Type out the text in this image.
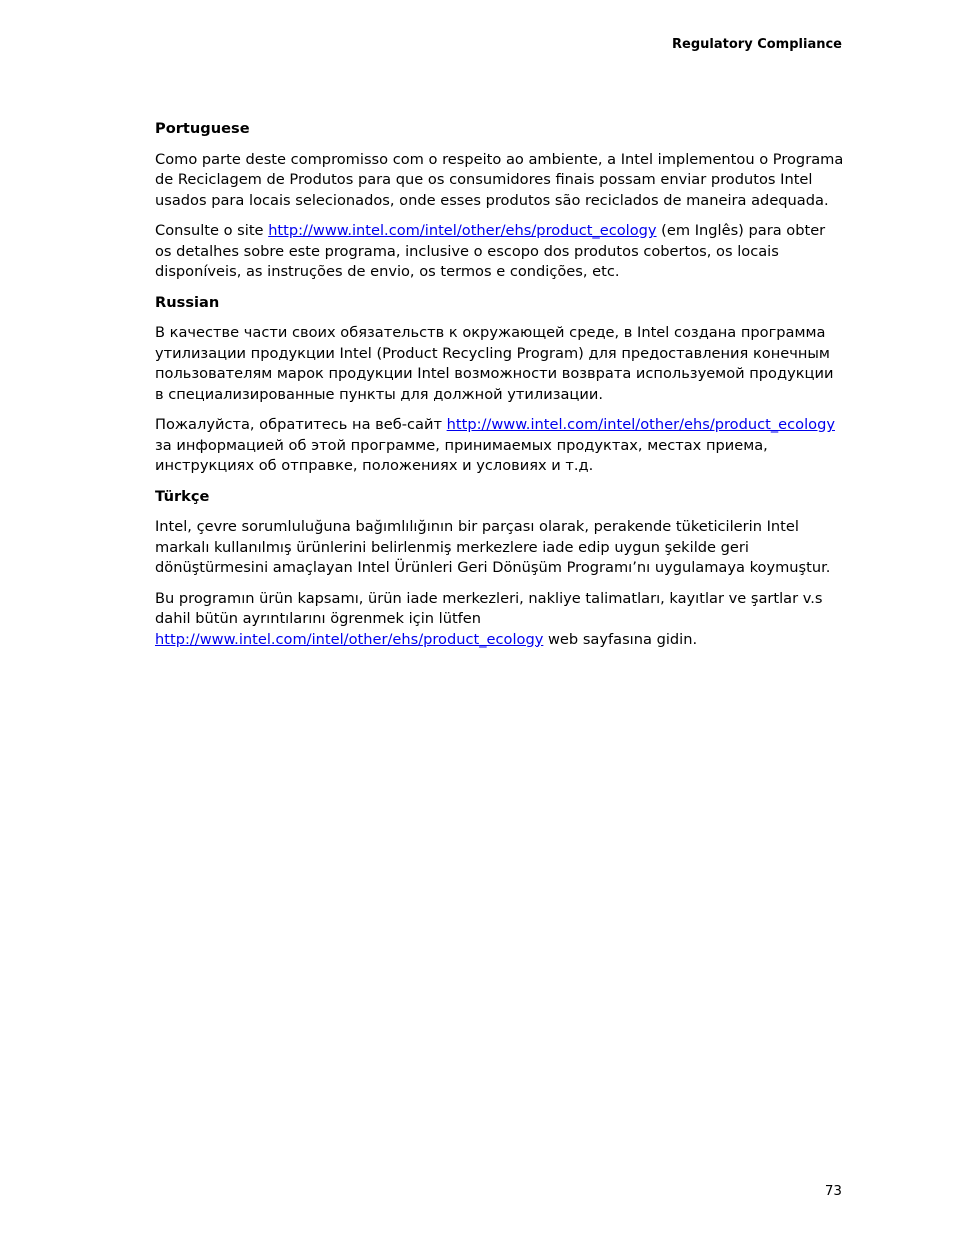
Regulatory Compliance
Portuguese

Como parte deste compromisso com o respeito ao ambiente, a Intel implementou o Programa de Reciclagem de Produtos para que os consumidores finais possam enviar produtos Intel usados para locais selecionados, onde esses produtos são reciclados de maneira adequada.

Consulte o site http://www.intel.com/intel/other/ehs/product_ecology (em Inglês) para obter os detalhes sobre este programa, inclusive o escopo dos produtos cobertos, os locais disponíveis, as instruções de envio, os termos e condições, etc.

Russian

В качестве части своих обязательств к окружающей среде, в Intel создана программа утилизации продукции Intel (Product Recycling Program) для предоставления конечным пользователям марок продукции Intel возможности возврата используемой продукции в специализированные пункты для должной утилизации.

Пожалуйста, обратитесь на веб-сайт http://www.intel.com/intel/other/ehs/product_ecology за информацией об этой программе, принимаемых продуктах, местах приема, инструкциях об отправке, положениях и условиях и т.д.

Türkçe

Intel, çevre sorumluluğuna bağımlılığının bir parçası olarak, perakende tüketicilerin Intel markalı kullanılmış ürünlerini belirlenmiş merkezlere iade edip uygun şekilde geri dönüştürmesini amaçlayan Intel Ürünleri Geri Dönüşüm Programı’nı uygulamaya koymuştur.

Bu programın ürün kapsamı, ürün iade merkezleri, nakliye talimatları, kayıtlar ve şartlar v.s dahil bütün ayrıntılarını ögrenmek için lütfen http://www.intel.com/intel/other/ehs/product_ecology web sayfasına gidin.

73
